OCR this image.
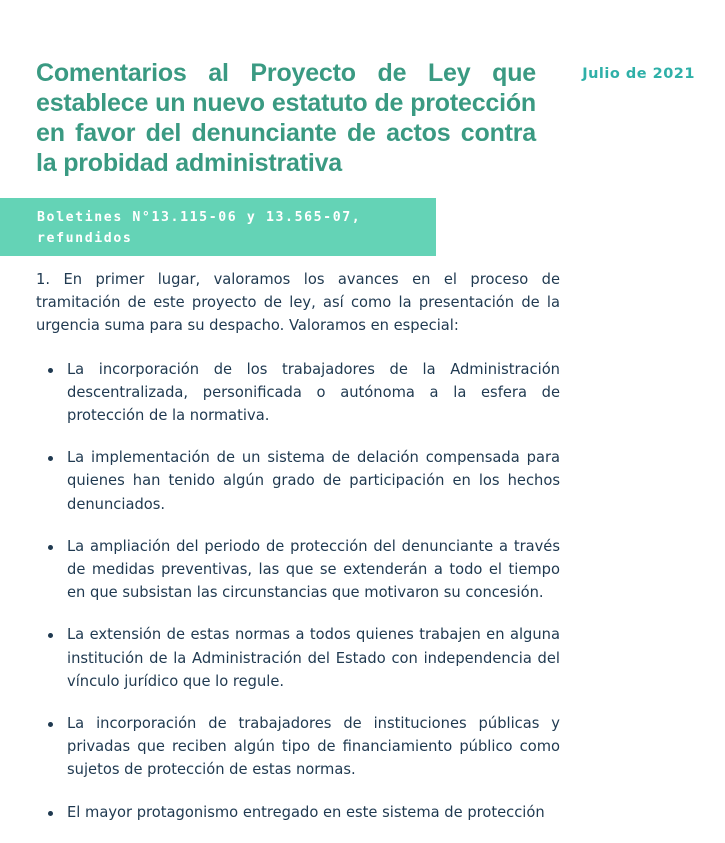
Comentarios al Proyecto de Ley que establece un nuevo estatuto de protección en favor del denunciante de actos contra la probidad administrativa
Julio de 2021
Boletines N°13.115-06 y 13.565-07, refundidos

1. En primer lugar, valoramos los avances en el proceso de tramitación de este proyecto de ley, así como la presentación de la urgencia suma para su despacho. Valoramos en especial:

La incorporación de los trabajadores de la Administración descentralizada, personificada o autónoma a la esfera de protección de la normativa.
La implementación de un sistema de delación compensada para quienes han tenido algún grado de participación en los hechos denunciados.
La ampliación del periodo de protección del denunciante a través de medidas preventivas, las que se extenderán a todo el tiempo en que subsistan las circunstancias que motivaron su concesión.
La extensión de estas normas a todos quienes trabajen en alguna institución de la Administración del Estado con independencia del vínculo jurídico que lo regule.
La incorporación de trabajadores de instituciones públicas y privadas que reciben algún tipo de financiamiento público como sujetos de protección de estas normas.
El mayor protagonismo entregado en este sistema de protección
